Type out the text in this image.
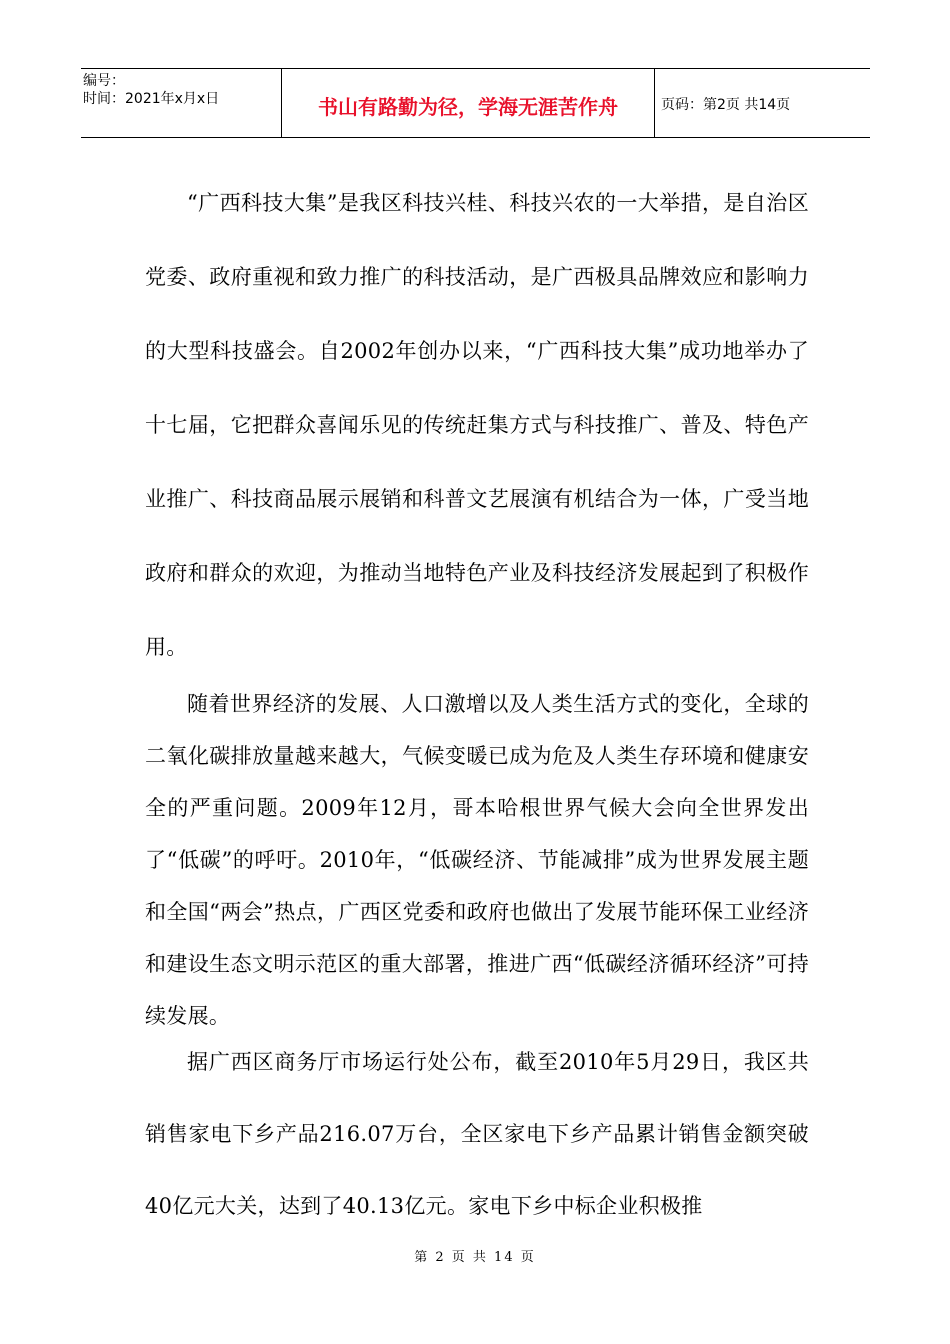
编号：
时间：2021年x月x日	书山有路勤为径，学海无涯苦作舟	页码：第2页 共14页

“广西科技大集”是我区科技兴桂、科技兴农的一大举措，是自治区党委、政府重视和致力推广的科技活动，是广西极具品牌效应和影响力的大型科技盛会。自2002年创办以来，“广西科技大集”成功地举办了十七届，它把群众喜闻乐见的传统赶集方式与科技推广、普及、特色产业推广、科技商品展示展销和科普文艺展演有机结合为一体，广受当地政府和群众的欢迎，为推动当地特色产业及科技经济发展起到了积极作用。

随着世界经济的发展、人口激增以及人类生活方式的变化，全球的二氧化碳排放量越来越大，气候变暖已成为危及人类生存环境和健康安全的严重问题。2009年12月，哥本哈根世界气候大会向全世界发出了“低碳”的呼吁。2010年，“低碳经济、节能减排”成为世界发展主题和全国“两会”热点，广西区党委和政府也做出了发展节能环保工业经济和建设生态文明示范区的重大部署，推进广西“低碳经济循环经济”可持续发展。

据广西区商务厅市场运行处公布，截至2010年5月29日，我区共销售家电下乡产品216.07万台，全区家电下乡产品累计销售金额突破40亿元大关，达到了40.13亿元。家电下乡中标企业积极推

第 2 页 共 14 页
